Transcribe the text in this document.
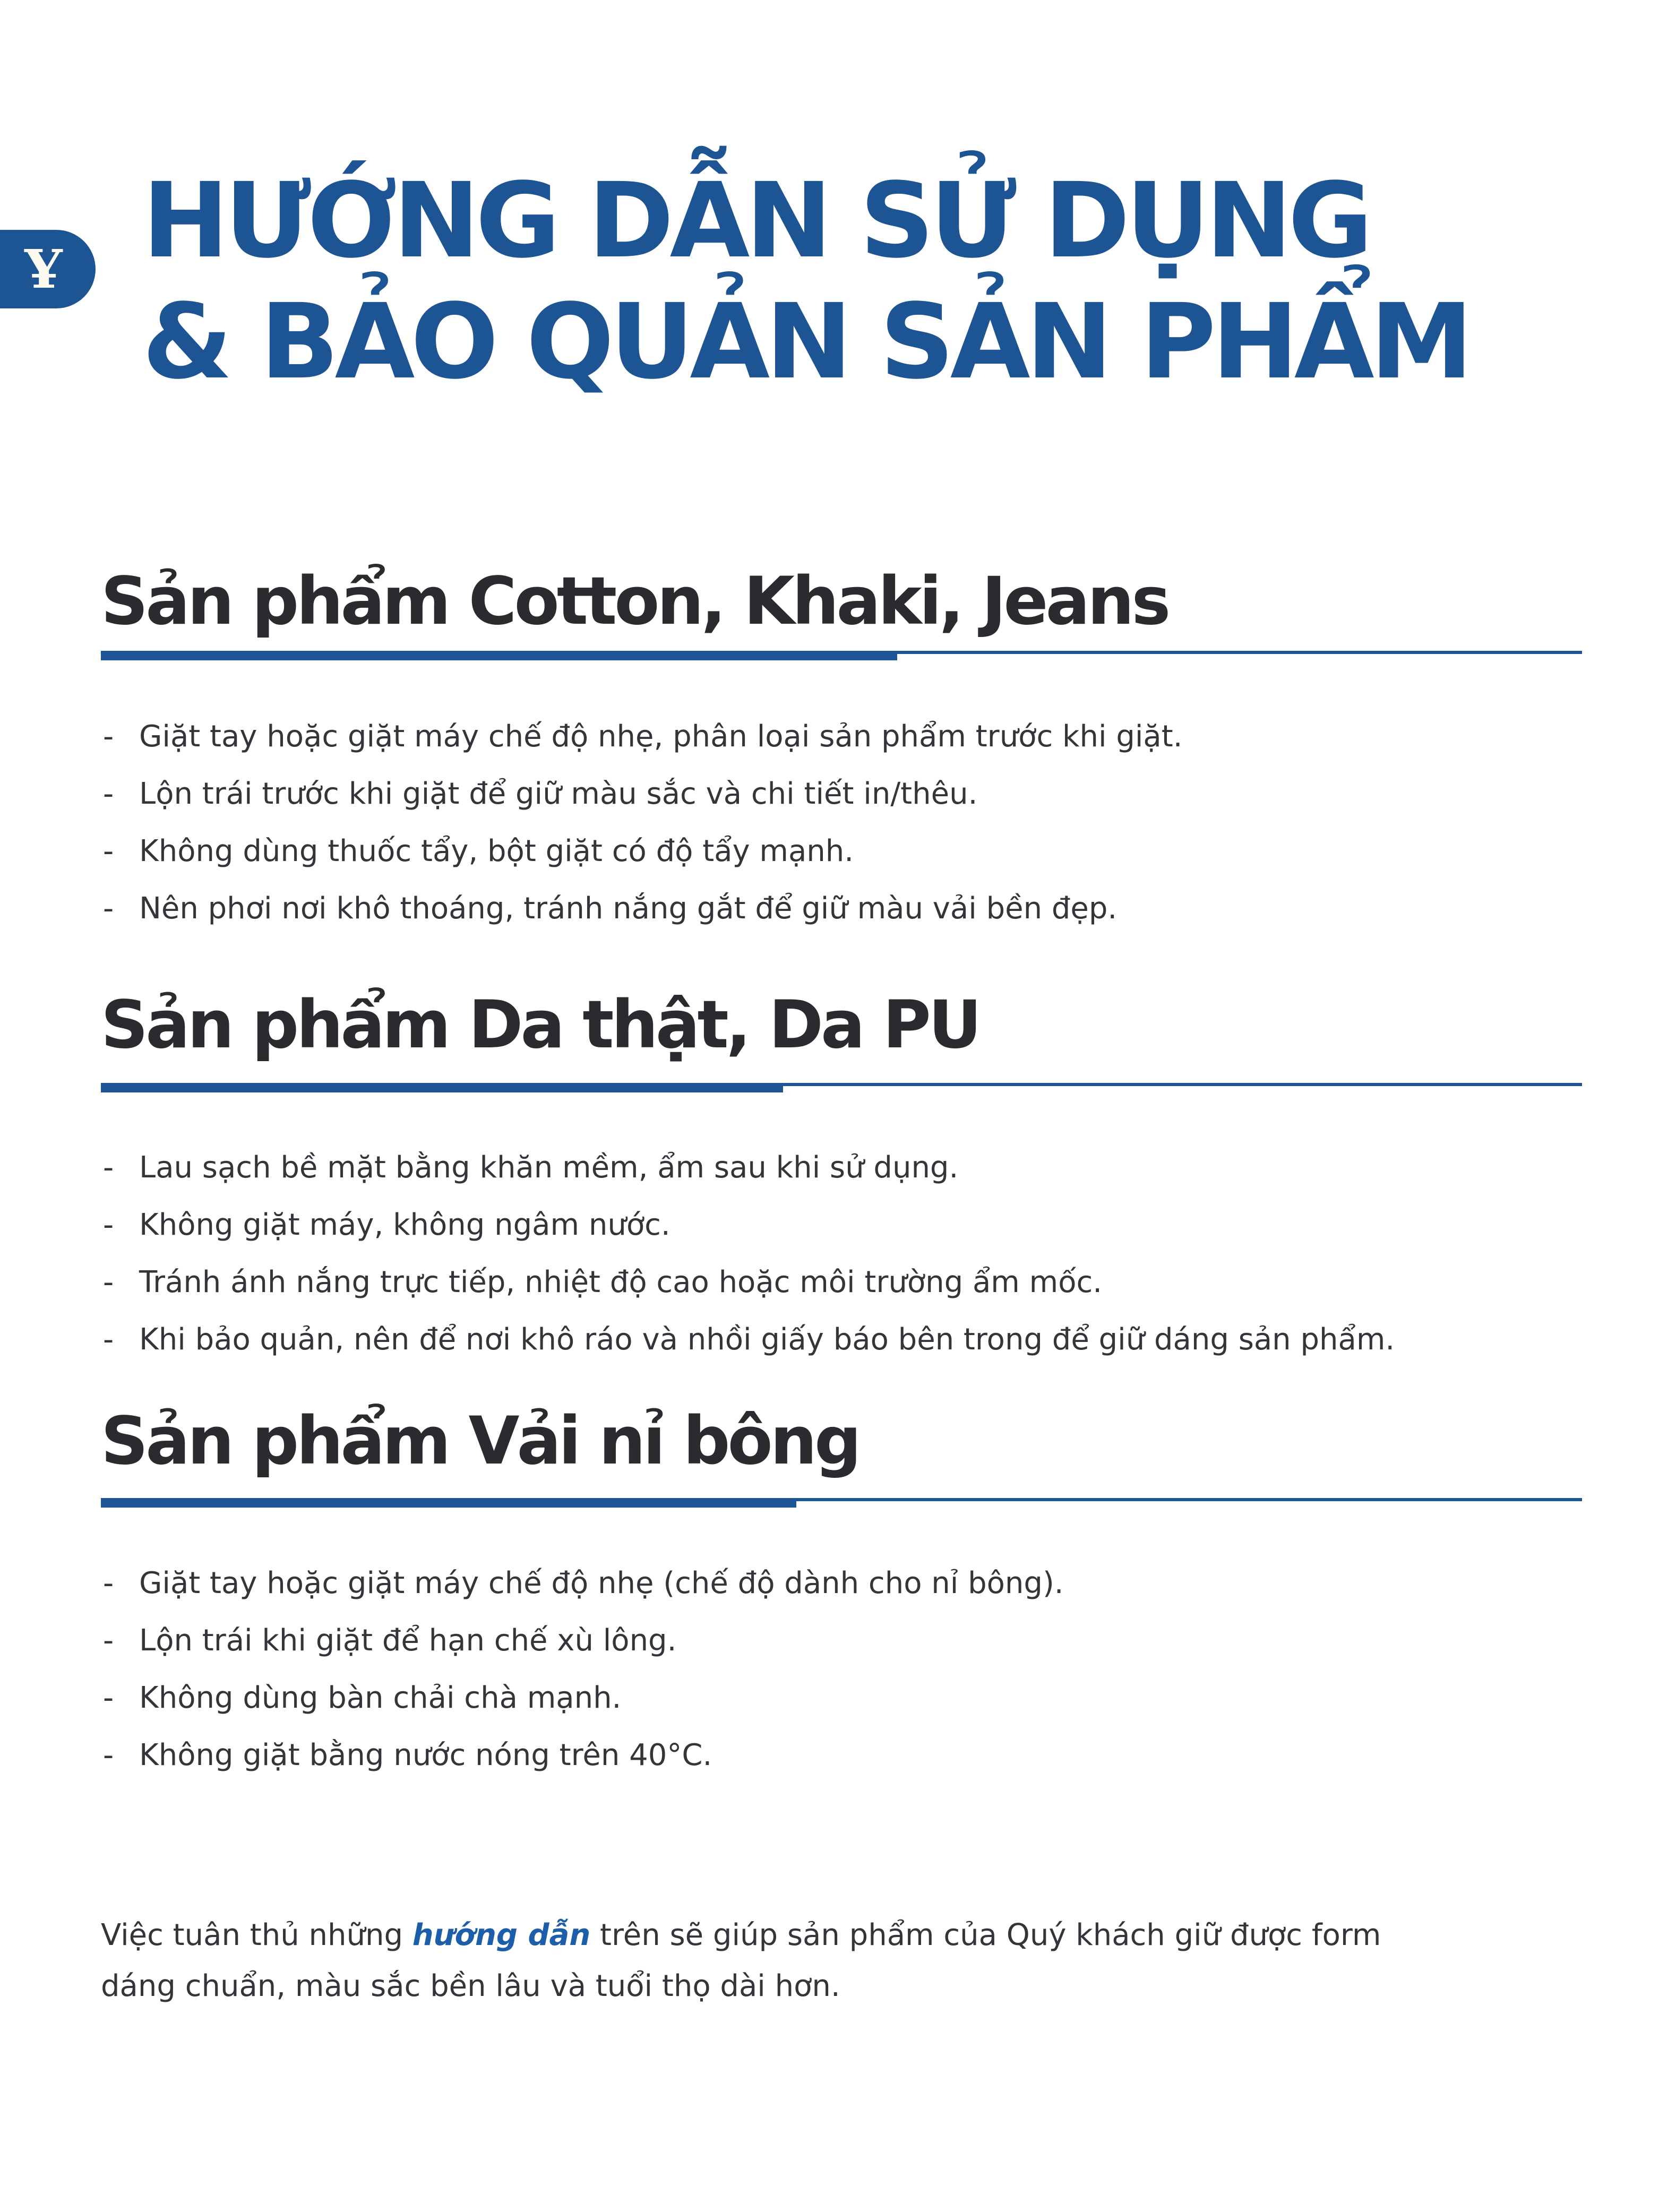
Ұ HƯỚNG DẪN SỬ DỤNG
& BẢO QUẢN SẢN PHẨM
Sản phẩm Cotton, Khaki, Jeans
- Giặt tay hoặc giặt máy chế độ nhẹ, phân loại sản phẩm trước khi giặt.
- Lộn trái trước khi giặt để giữ màu sắc và chi tiết in/thêu.
- Không dùng thuốc tẩy, bột giặt có độ tẩy mạnh.
- Nên phơi nơi khô thoáng, tránh nắng gắt để giữ màu vải bền đẹp.
Sản phẩm Da thật, Da PU
- Lau sạch bề mặt bằng khăn mềm, ẩm sau khi sử dụng.
- Không giặt máy, không ngâm nước.
- Tránh ánh nắng trực tiếp, nhiệt độ cao hoặc môi trường ẩm mốc.
- Khi bảo quản, nên để nơi khô ráo và nhồi giấy báo bên trong để giữ dáng sản phẩm.
Sản phẩm Vải nỉ bông
- Giặt tay hoặc giặt máy chế độ nhẹ (chế độ dành cho nỉ bông).
- Lộn trái khi giặt để hạn chế xù lông.
- Không dùng bàn chải chà mạnh.
- Không giặt bằng nước nóng trên 40°C.

Việc tuân thủ những hướng dẫn trên sẽ giúp sản phẩm của Quý khách giữ được form dáng chuẩn, màu sắc bền lâu và tuổi thọ dài hơn.
